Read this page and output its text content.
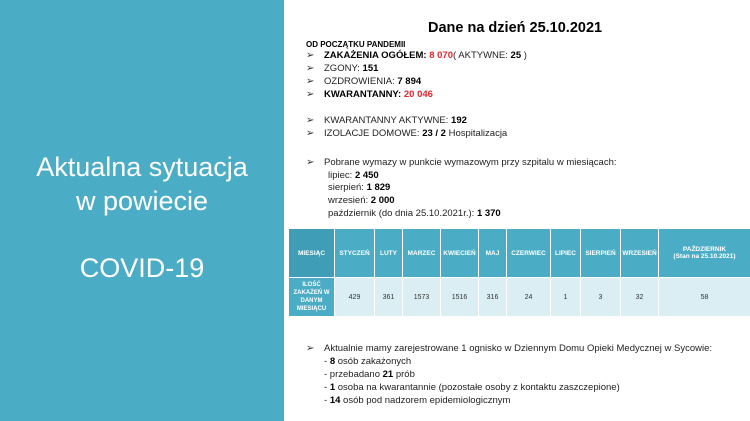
Aktualna sytuacja
w powiecie
COVID-19
Dane na dzień 25.10.2021
OD POCZĄTKU PANDEMII
➢ ZAKAŻENIA OGÓŁEM: 8 070( AKTYWNE: 25 )
➢ ZGONY: 151
➢ OZDROWIENIA: 7 894
➢ KWARANTANNY: 20 046
➢ KWARANTANNY AKTYWNE: 192
➢ IZOLACJE DOMOWE: 23 / 2 Hospitalizacja
➢ Pobrane wymazy w punkcie wymazowym przy szpitalu w miesiącach:
lipiec: 2 450
sierpień: 1 829
wrzesień: 2 000
październik (do dnia 25.10.2021r.): 1 370
MIESIĄC	STYCZEŃ	LUTY	MARZEC	KWIECIEŃ	MAJ	CZERWIEC	LIPIEC	SIERPIEŃ	WRZESIEŃ	PAŹDZIERNIK
(Stan na 25.10.2021)

ILOŚĆ ZAKAŻEŃ W DANYM MIESIĄCU	429	361	1573	1516	316	24	1	3	32	58
➢ Aktualnie mamy zarejestrowane 1 ognisko w Dziennym Domu Opieki Medycznej w Sycowie:
- 8 osób zakażonych
- przebadano 21 prób
- 1 osoba na kwarantannie (pozostałe osoby z kontaktu zaszczepione)
- 14 osób pod nadzorem epidemiologicznym
